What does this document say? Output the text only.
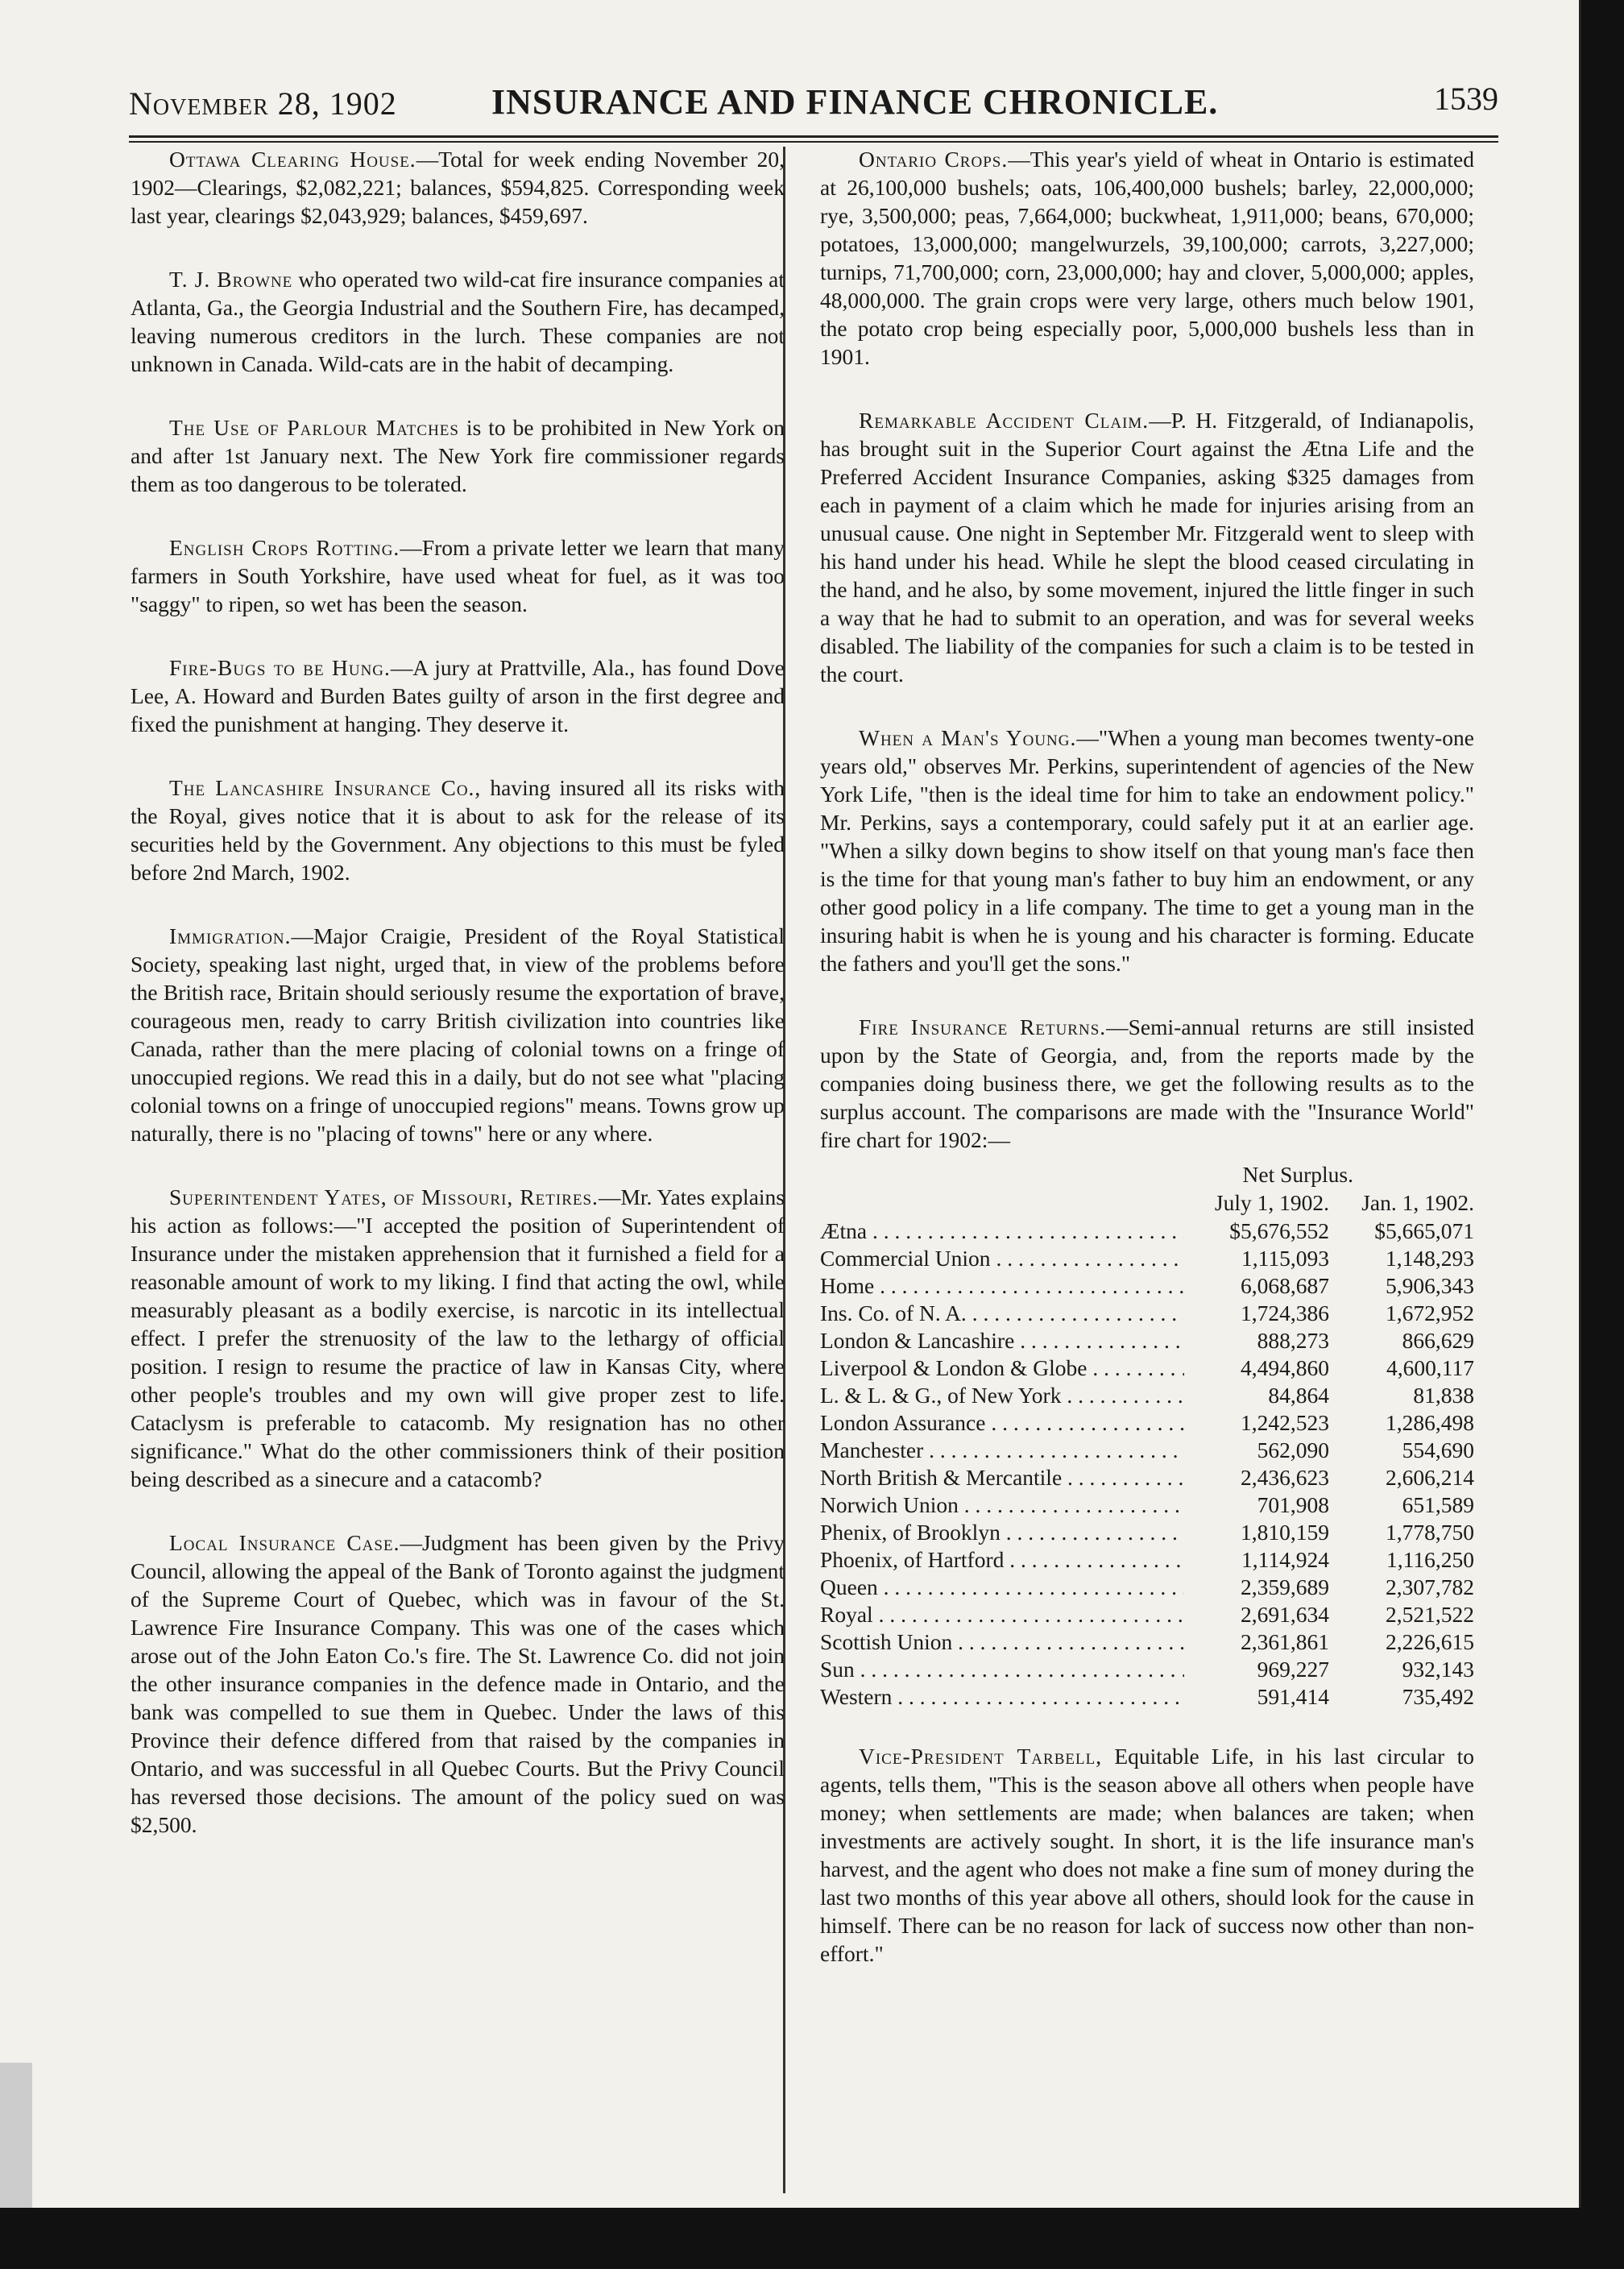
November 28, 1902	INSURANCE AND FINANCE CHRONICLE.	1539

Ottawa Clearing House.—Total for week ending November 20, 1902—Clearings, $2,082,221; balances, $594,825. Corresponding week last year, clearings $2,043,929; balances, $459,697.

T. J. Browne who operated two wild-cat fire insurance companies at Atlanta, Ga., the Georgia Industrial and the Southern Fire, has decamped, leaving numerous creditors in the lurch. These companies are not unknown in Canada. Wild-cats are in the habit of decamping.

The Use of Parlour Matches is to be prohibited in New York on and after 1st January next. The New York fire commissioner regards them as too dangerous to be tolerated.

English Crops Rotting.—From a private letter we learn that many farmers in South Yorkshire, have used wheat for fuel, as it was too "saggy" to ripen, so wet has been the season.

Fire-Bugs to be Hung.—A jury at Prattville, Ala., has found Dove Lee, A. Howard and Burden Bates guilty of arson in the first degree and fixed the punishment at hanging. They deserve it.

The Lancashire Insurance Co., having insured all its risks with the Royal, gives notice that it is about to ask for the release of its securities held by the Government. Any objections to this must be fyled before 2nd March, 1902.

Immigration.—Major Craigie, President of the Royal Statistical Society, speaking last night, urged that, in view of the problems before the British race, Britain should seriously resume the exportation of brave, courageous men, ready to carry British civilization into countries like Canada, rather than the mere placing of colonial towns on a fringe of unoccupied regions. We read this in a daily, but do not see what "placing colonial towns on a fringe of unoccupied regions" means. Towns grow up naturally, there is no "placing of towns" here or any where.

Superintendent Yates, of Missouri, Retires.—Mr. Yates explains his action as follows:—"I accepted the position of Superintendent of Insurance under the mistaken apprehension that it furnished a field for a reasonable amount of work to my liking. I find that acting the owl, while measurably pleasant as a bodily exercise, is narcotic in its intellectual effect. I prefer the strenuosity of the law to the lethargy of official position. I resign to resume the practice of law in Kansas City, where other people's troubles and my own will give proper zest to life. Cataclysm is preferable to catacomb. My resignation has no other significance." What do the other commissioners think of their position being described as a sinecure and a catacomb?

Local Insurance Case.—Judgment has been given by the Privy Council, allowing the appeal of the Bank of Toronto against the judgment of the Supreme Court of Quebec, which was in favour of the St. Lawrence Fire Insurance Company. This was one of the cases which arose out of the John Eaton Co.'s fire. The St. Lawrence Co. did not join the other insurance companies in the defence made in Ontario, and the bank was compelled to sue them in Quebec. Under the laws of this Province their defence differed from that raised by the companies in Ontario, and was successful in all Quebec Courts. But the Privy Council has reversed those decisions. The amount of the policy sued on was $2,500.

Ontario Crops.—This year's yield of wheat in Ontario is estimated at 26,100,000 bushels; oats, 106,400,000 bushels; barley, 22,000,000; rye, 3,500,000; peas, 7,664,000; buckwheat, 1,911,000; beans, 670,000; potatoes, 13,000,000; mangelwurzels, 39,100,000; carrots, 3,227,000; turnips, 71,700,000; corn, 23,000,000; hay and clover, 5,000,000; apples, 48,000,000. The grain crops were very large, others much below 1901, the potato crop being especially poor, 5,000,000 bushels less than in 1901.

Remarkable Accident Claim.—P. H. Fitzgerald, of Indianapolis, has brought suit in the Superior Court against the Ætna Life and the Preferred Accident Insurance Companies, asking $325 damages from each in payment of a claim which he made for injuries arising from an unusual cause. One night in September Mr. Fitzgerald went to sleep with his hand under his head. While he slept the blood ceased circulating in the hand, and he also, by some movement, injured the little finger in such a way that he had to submit to an operation, and was for several weeks disabled. The liability of the companies for such a claim is to be tested in the court.

When a Man's Young.—"When a young man becomes twenty-one years old," observes Mr. Perkins, superintendent of agencies of the New York Life, "then is the ideal time for him to take an endowment policy." Mr. Perkins, says a contemporary, could safely put it at an earlier age. "When a silky down begins to show itself on that young man's face then is the time for that young man's father to buy him an endowment, or any other good policy in a life company. The time to get a young man in the insuring habit is when he is young and his character is forming. Educate the fathers and you'll get the sons."

Fire Insurance Returns.—Semi-annual returns are still insisted upon by the State of Georgia, and, from the reports made by the companies doing business there, we get the following results as to the surplus account. The comparisons are made with the "Insurance World" fire chart for 1902:—

Net Surplus.
July 1, 1902.	Jan. 1, 1902.
Ætna . . .	$5,676,552	$5,665,071
Commercial Union . . .	1,115,093	1,148,293
Home . . .	6,068,687	5,906,343
Ins. Co. of N. A. . . .	1,724,386	1,672,952
London & Lancashire . . .	888,273	866,629
Liverpool & London & Globe . . .	4,494,860	4,600,117
L. & L. & G., of New York . . .	84,864	81,838
London Assurance . . .	1,242,523	1,286,498
Manchester . . .	562,090	554,690
North British & Mercantile . . .	2,436,623	2,606,214
Norwich Union . . .	701,908	651,589
Phenix, of Brooklyn . . .	1,810,159	1,778,750
Phoenix, of Hartford . . .	1,114,924	1,116,250
Queen . . .	2,359,689	2,307,782
Royal . . .	2,691,634	2,521,522
Scottish Union . . .	2,361,861	2,226,615
Sun . . .	969,227	932,143
Western . . .	591,414	735,492

Vice-President Tarbell, Equitable Life, in his last circular to agents, tells them, "This is the season above all others when people have money; when settlements are made; when balances are taken; when investments are actively sought. In short, it is the life insurance man's harvest, and the agent who does not make a fine sum of money during the last two months of this year above all others, should look for the cause in himself. There can be no reason for lack of success now other than non-effort."
